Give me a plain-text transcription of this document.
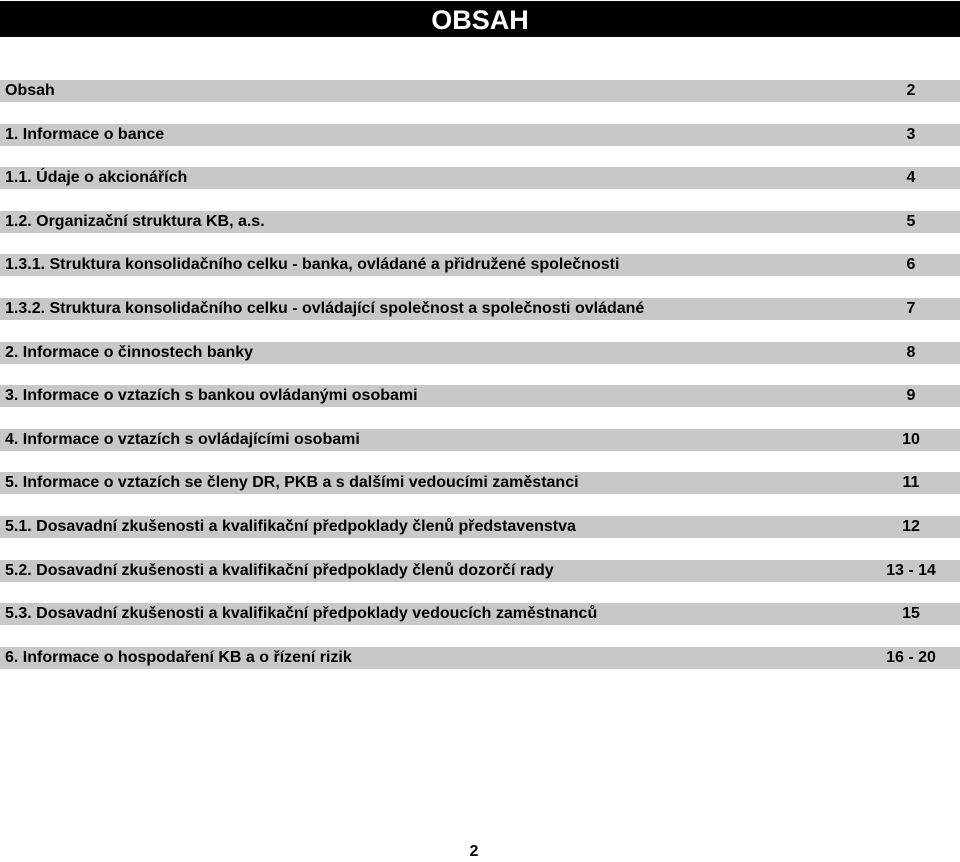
OBSAH
Obsah	2
1. Informace o bance	3
1.1. Údaje o akcionářích	4
1.2. Organizační struktura KB, a.s.	5
1.3.1. Struktura konsolidačního celku - banka, ovládané a přidružené společnosti	6
1.3.2. Struktura konsolidačního celku - ovládající společnost a společnosti ovládané	7
2. Informace o činnostech banky	8
3. Informace o vztazích s bankou ovládanými osobami	9
4. Informace o vztazích s ovládajícími osobami	10
5. Informace o vztazích se členy DR, PKB a s dalšími vedoucími zaměstanci	11
5.1. Dosavadní zkušenosti a kvalifikační předpoklady členů představenstva	12
5.2. Dosavadní zkušenosti a kvalifikační předpoklady členů dozorčí rady	13 - 14
5.3. Dosavadní zkušenosti a kvalifikační předpoklady vedoucích zaměstnanců	15
6. Informace o hospodaření KB a o řízení rizik	16 - 20
2
